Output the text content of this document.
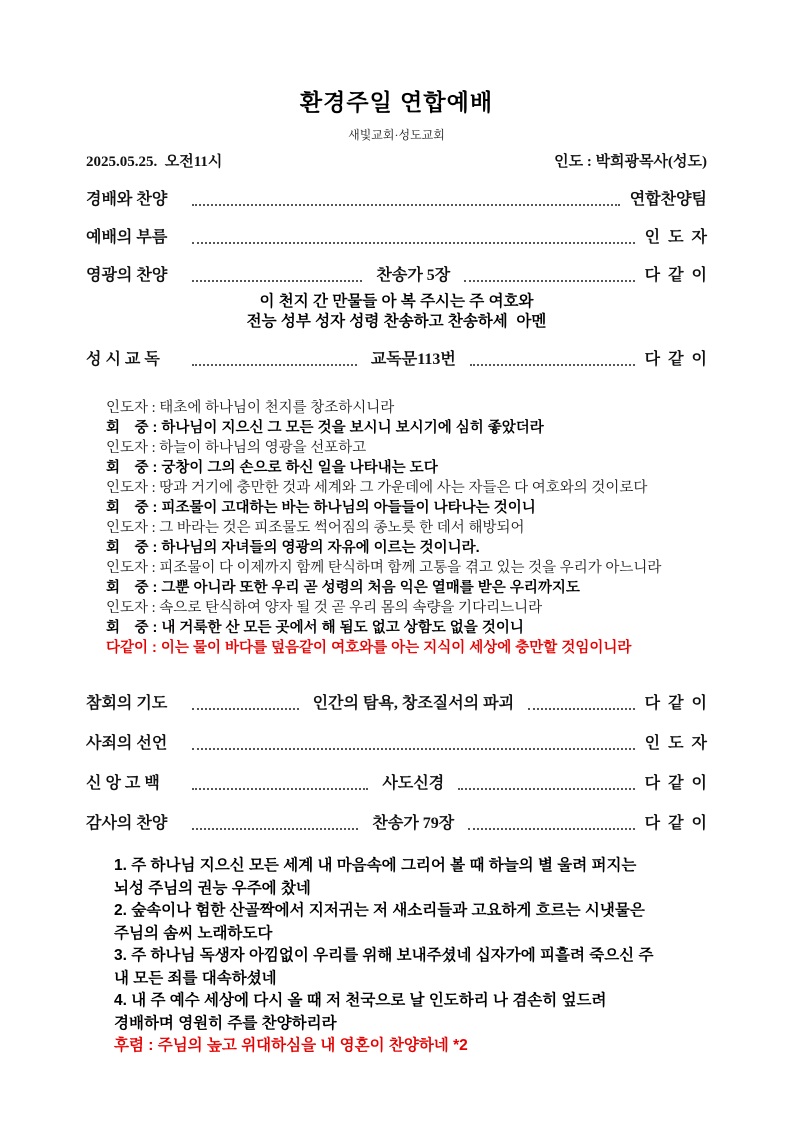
환경주일 연합예배
새빛교회·성도교회
2025.05.25.  오전11시	인도 : 박희광목사(성도)
경배와 찬양	연합찬양팀
예배의 부름	인  도  자
영광의 찬양	찬송가 5장	다  같  이
이 천지 간 만물들 아 복 주시는 주 여호와
전능 성부 성자 성령 찬송하고 찬송하세  아멘
성 시 교 독	교독문113번	다  같  이
인도자 : 태초에 하나님이 천지를 창조하시니라
회　중 : 하나님이 지으신 그 모든 것을 보시니 보시기에 심히 좋았더라
인도자 : 하늘이 하나님의 영광을 선포하고
회　중 : 궁창이 그의 손으로 하신 일을 나타내는 도다
인도자 : 땅과 거기에 충만한 것과 세계와 그 가운데에 사는 자들은 다 여호와의 것이로다
회　중 : 피조물이 고대하는 바는 하나님의 아들들이 나타나는 것이니
인도자 : 그 바라는 것은 피조물도 썩어짐의 종노릇 한 데서 해방되어
회　중 : 하나님의 자녀들의 영광의 자유에 이르는 것이니라.
인도자 : 피조물이 다 이제까지 함께 탄식하며 함께 고통을 겪고 있는 것을 우리가 아느니라
회　중 : 그뿐 아니라 또한 우리 곧 성령의 처음 익은 열매를 받은 우리까지도
인도자 : 속으로 탄식하여 양자 될 것 곧 우리 몸의 속량을 기다리느니라
회　중 : 내 거룩한 산 모든 곳에서 해 됨도 없고 상함도 없을 것이니
다같이 : 이는 물이 바다를 덮음같이 여호와를 아는 지식이 세상에 충만할 것임이니라
참회의 기도	인간의 탐욕, 창조질서의 파괴	다  같  이
사죄의 선언	인  도  자
신 앙 고 백	사도신경	다  같  이
감사의 찬양	찬송가 79장	다  같  이
1. 주 하나님 지으신 모든 세계 내 마음속에 그리어 볼 때 하늘의 별 울려 퍼지는
뇌성 주님의 권능 우주에 찼네
2. 숲속이나 험한 산골짝에서 지저귀는 저 새소리들과 고요하게 흐르는 시냇물은
주님의 솜씨 노래하도다
3. 주 하나님 독생자 아낌없이 우리를 위해 보내주셨네 십자가에 피흘려 죽으신 주
내 모든 죄를 대속하셨네
4. 내 주 예수 세상에 다시 올 때 저 천국으로 날 인도하리 나 겸손히 엎드려
경배하며 영원히 주를 찬양하리라
후렴 : 주님의 높고 위대하심을 내 영혼이 찬양하네 *2
